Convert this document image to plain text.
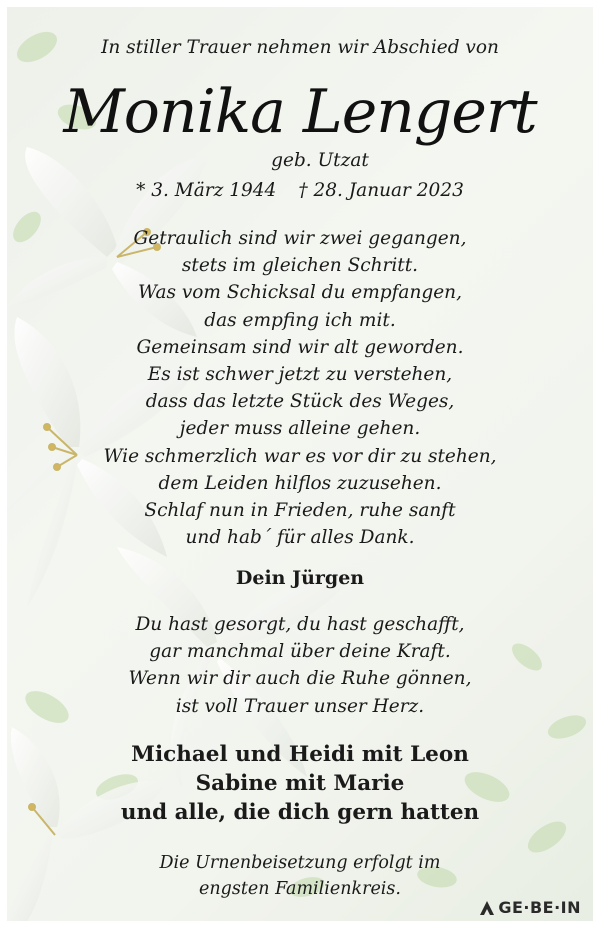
In stiller Trauer nehmen wir Abschied von
Monika Lengert
geb. Utzat
* 3. März 1944 † 28. Januar 2023
Getraulich sind wir zwei gegangen,
stets im gleichen Schritt.
Was vom Schicksal du empfangen,
das empfing ich mit.
Gemeinsam sind wir alt geworden.
Es ist schwer jetzt zu verstehen,
dass das letzte Stück des Weges,
jeder muss alleine gehen.
Wie schmerzlich war es vor dir zu stehen,
dem Leiden hilflos zuzusehen.
Schlaf nun in Frieden, ruhe sanft
und hab´ für alles Dank.
Dein Jürgen
Du hast gesorgt, du hast geschafft,
gar manchmal über deine Kraft.
Wenn wir dir auch die Ruhe gönnen,
ist voll Trauer unser Herz.
Michael und Heidi mit Leon
Sabine mit Marie
und alle, die dich gern hatten
Die Urnenbeisetzung erfolgt im
engsten Familienkreis.
GE·BE·IN
